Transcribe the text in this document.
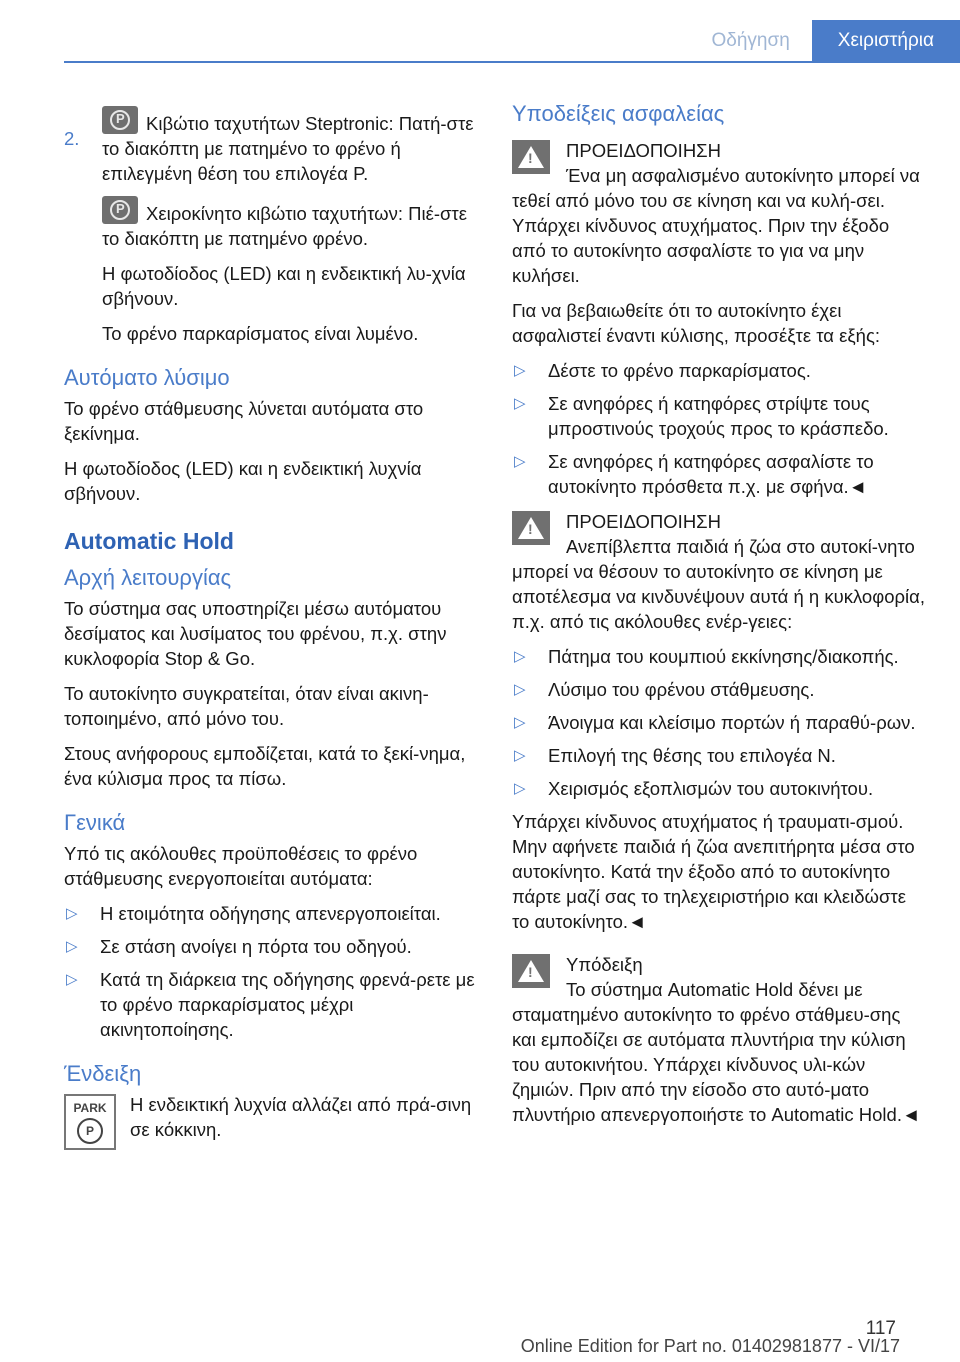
Οδήγηση	Χειριστήρια
2.

PΚιβώτιο ταχυτήτων Steptronic: Πατή-στε το διακόπτη με πατημένο το φρένο ή επιλεγμένη θέση του επιλογέα P.

PΧειροκίνητο κιβώτιο ταχυτήτων: Πιέ-στε το διακόπτη με πατημένο φρένο.

Η φωτοδίοδος (LED) και η ενδεικτική λυ-χνία σβήνουν.

Το φρένο παρκαρίσματος είναι λυμένο.

Αυτόματο λύσιμο

Το φρένο στάθμευσης λύνεται αυτόματα στο ξεκίνημα.

Η φωτοδίοδος (LED) και η ενδεικτική λυχνία σβήνουν.

Automatic Hold
Αρχή λειτουργίας

Το σύστημα σας υποστηρίζει μέσω αυτόματου δεσίματος και λυσίματος του φρένου, π.χ. στην κυκλοφορία Stop & Go.

Το αυτοκίνητο συγκρατείται, όταν είναι ακινη-τοποιημένο, από μόνο του.

Στους ανήφορους εμποδίζεται, κατά το ξεκί-νημα, ένα κύλισμα προς τα πίσω.

Γενικά

Υπό τις ακόλουθες προϋποθέσεις το φρένο στάθμευσης ενεργοποιείται αυτόματα:

▷ Η ετοιμότητα οδήγησης απενεργοποιείται.
▷ Σε στάση ανοίγει η πόρτα του οδηγού.
▷ Κατά τη διάρκεια της οδήγησης φρενά-ρετε με το φρένο παρκαρίσματος μέχρι ακινητοποίησης.
Ένδειξη
PARK
P

Η ενδεικτική λυχνία αλλάζει από πρά-σινη σε κόκκινη.

Υποδείξεις ασφαλείας
!
ΠΡΟΕΙΔΟΠΟΙΗΣΗ

Ένα μη ασφαλισμένο αυτοκίνητο μπορεί να τεθεί από μόνο του σε κίνηση και να κυλή-σει. Υπάρχει κίνδυνος ατυχήματος. Πριν την έξοδο από το αυτοκίνητο ασφαλίστε το για να μην κυλήσει.

Για να βεβαιωθείτε ότι το αυτοκίνητο έχει ασφαλιστεί έναντι κύλισης, προσέξτε τα εξής:

▷ Δέστε το φρένο παρκαρίσματος.
▷ Σε ανηφόρες ή κατηφόρες στρίψτε τους μπροστινούς τροχούς προς το κράσπεδο.
▷ Σε ανηφόρες ή κατηφόρες ασφαλίστε το αυτοκίνητο πρόσθετα π.χ. με σφήνα.◄
!
ΠΡΟΕΙΔΟΠΟΙΗΣΗ

Ανεπίβλεπτα παιδιά ή ζώα στο αυτοκί-νητο μπορεί να θέσουν το αυτοκίνητο σε κίνηση με αποτέλεσμα να κινδυνέψουν αυτά ή η κυκλοφορία, π.χ. από τις ακόλουθες ενέρ-γειες:

▷ Πάτημα του κουμπιού εκκίνησης/διακοπής.
▷ Λύσιμο του φρένου στάθμευσης.
▷ Άνοιγμα και κλείσιμο πορτών ή παραθύ-ρων.
▷ Επιλογή της θέσης του επιλογέα N.
▷ Χειρισμός εξοπλισμών του αυτοκινήτου.

Υπάρχει κίνδυνος ατυχήματος ή τραυματι-σμού. Μην αφήνετε παιδιά ή ζώα ανεπιτήρητα μέσα στο αυτοκίνητο. Κατά την έξοδο από το αυτοκίνητο πάρτε μαζί σας το τηλεχειριστήριο και κλειδώστε το αυτοκίνητο.◄

!
Υπόδειξη

Το σύστημα Automatic Hold δένει με σταματημένο αυτοκίνητο το φρένο στάθμευ-σης και εμποδίζει σε αυτόματα πλυντήρια την κύλιση του αυτοκινήτου. Υπάρχει κίνδυνος υλι-κών ζημιών. Πριν από την είσοδο στο αυτό-ματο πλυντήριο απενεργοποιήστε το Automatic Hold.◄

117
Online Edition for Part no. 01402981877 - VI/17
